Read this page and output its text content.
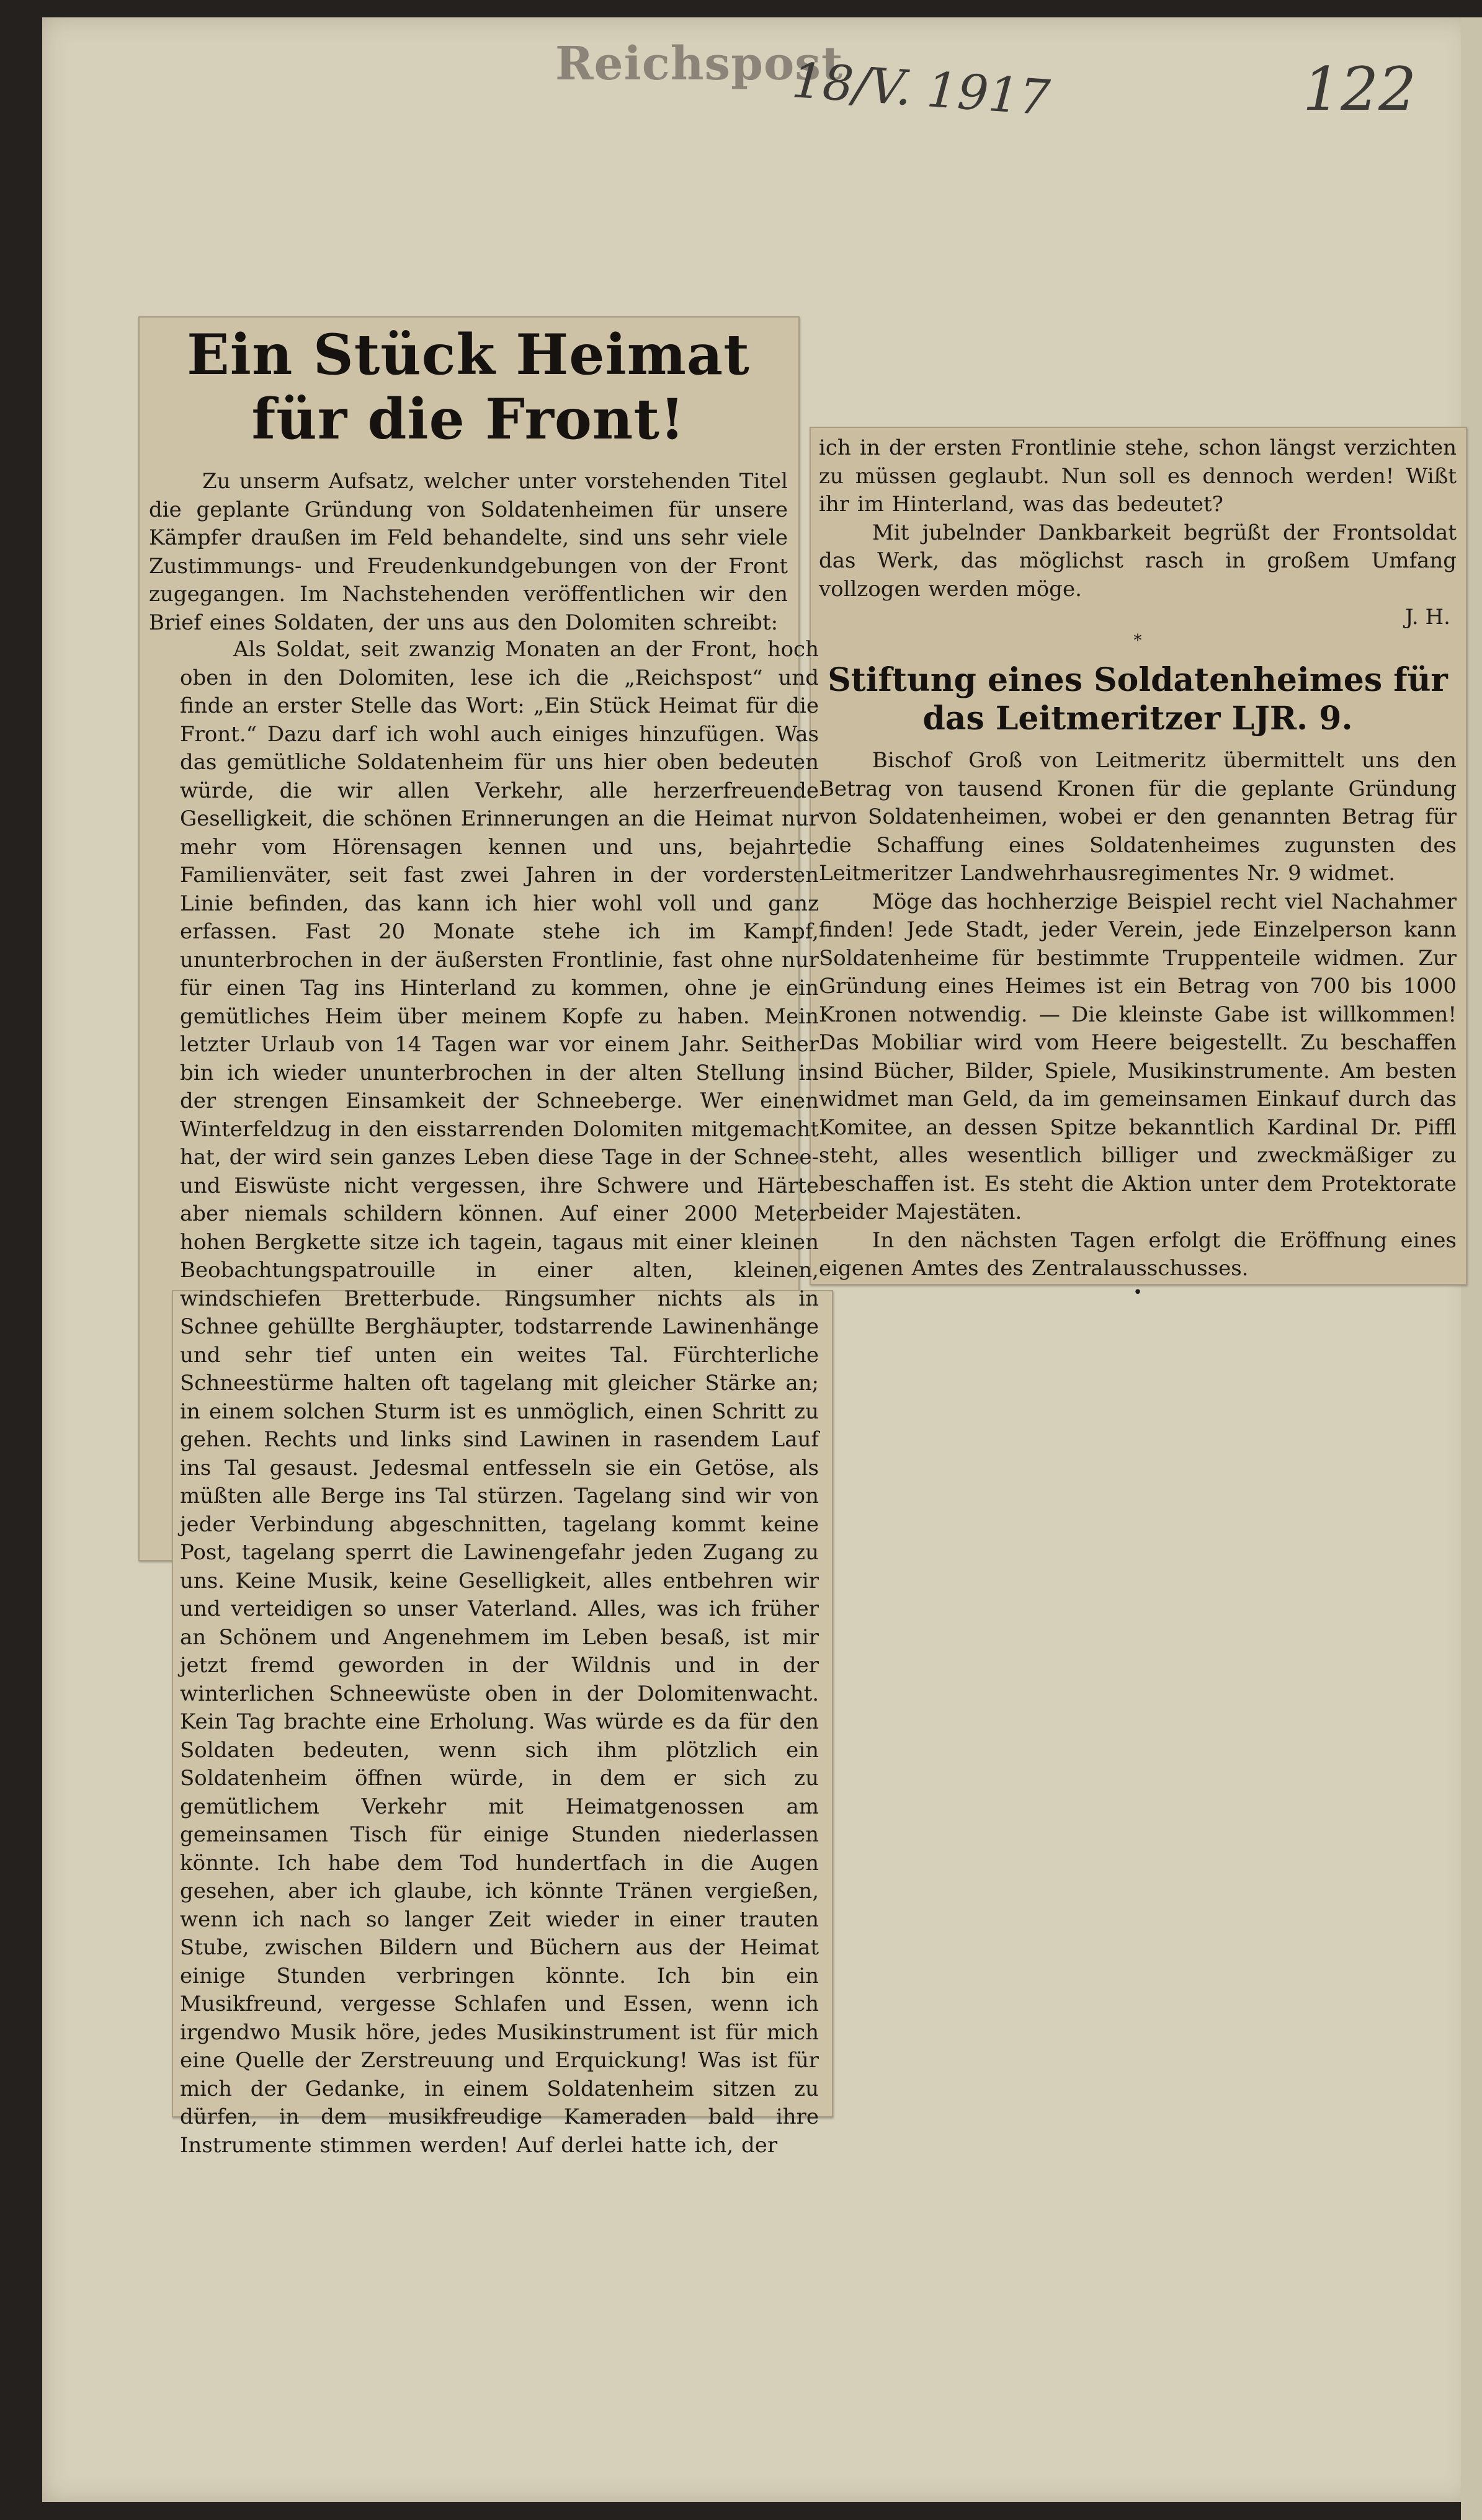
Reichspost
18/V. 1917	122
Ein Stück Heimat für die Front!

Zu unserm Aufsatz, welcher unter vorstehenden Titel die geplante Gründung von Soldatenheimen für unsere Kämpfer draußen im Feld behandelte, sind uns sehr viele Zustimmungs- und Freudenkundgebungen von der Front zugegangen. Im Nachstehenden veröffentlichen wir den Brief eines Soldaten, der uns aus den Dolomiten schreibt:

Als Soldat, seit zwanzig Monaten an der Front, hoch oben in den Dolomiten, lese ich die „Reichspost“ und finde an erster Stelle das Wort: „Ein Stück Heimat für die Front.“ Dazu darf ich wohl auch einiges hinzufügen. Was das gemütliche Soldatenheim für uns hier oben bedeuten würde, die wir allen Verkehr, alle herzerfreuende Geselligkeit, die schönen Erinnerungen an die Heimat nur mehr vom Hörensagen kennen und uns, bejahrte Familienväter, seit fast zwei Jahren in der vordersten Linie befinden, das kann ich hier wohl voll und ganz erfassen. Fast 20 Monate stehe ich im Kampf, ununterbrochen in der äußersten Frontlinie, fast ohne nur für einen Tag ins Hinterland zu kommen, ohne je ein gemütliches Heim über meinem Kopfe zu haben. Mein letzter Urlaub von 14 Tagen war vor einem Jahr. Seither bin ich wieder ununterbrochen in der alten Stellung in der strengen Einsamkeit der Schneeberge. Wer einen Winterfeldzug in den eisstarrenden Dolomiten mitgemacht hat, der wird sein ganzes Leben diese Tage in der Schnee- und Eiswüste nicht vergessen, ihre Schwere und Härte aber niemals schildern können. Auf einer 2000 Meter hohen Bergkette sitze ich tagein, tagaus mit einer kleinen Beobachtungspatrouille in einer alten, kleinen, windschiefen Bretterbude. Ringsumher nichts als in Schnee gehüllte Berghäupter, todstarrende Lawinenhänge und sehr tief unten ein weites Tal. Fürchterliche Schneestürme halten oft tagelang mit gleicher Stärke an; in einem solchen Sturm ist es unmöglich, einen Schritt zu gehen. Rechts und links sind Lawinen in rasendem Lauf ins Tal gesaust. Jedesmal entfesseln sie ein Getöse, als müßten alle Berge ins Tal stürzen. Tagelang sind wir von jeder Verbindung abgeschnitten, tagelang kommt keine Post, tagelang sperrt die Lawinengefahr jeden Zugang zu uns. Keine Musik, keine Geselligkeit, alles entbehren wir und verteidigen so unser Vaterland. Alles, was ich früher an Schönem und Angenehmem im Leben besaß, ist mir jetzt fremd geworden in der Wildnis und in der winterlichen Schneewüste oben in der Dolomitenwacht. Kein Tag brachte eine Erholung. Was würde es da für den Soldaten bedeuten, wenn sich ihm plötzlich ein Soldatenheim öffnen würde, in dem er sich zu gemütlichem Verkehr mit Heimatgenossen am gemeinsamen Tisch für einige Stunden niederlassen könnte. Ich habe dem Tod hundertfach in die Augen gesehen, aber ich glaube, ich könnte Tränen vergießen, wenn ich nach so langer Zeit wieder in einer trauten Stube, zwischen Bildern und Büchern aus der Heimat einige Stunden verbringen könnte. Ich bin ein Musikfreund, vergesse Schlafen und Essen, wenn ich irgendwo Musik höre, jedes Musikinstrument ist für mich eine Quelle der Zerstreuung und Erquickung! Was ist für mich der Gedanke, in einem Soldatenheim sitzen zu dürfen, in dem musikfreudige Kameraden bald ihre Instrumente stimmen werden! Auf derlei hatte ich, der

ich in der ersten Frontlinie stehe, schon längst verzichten zu müssen geglaubt. Nun soll es dennoch werden! Wißt ihr im Hinterland, was das bedeutet?

Mit jubelnder Dankbarkeit begrüßt der Frontsoldat das Werk, das möglichst rasch in großem Umfang vollzogen werden möge.

J. H.

*

Stiftung eines Soldatenheimes für das Leitmeritzer LJR. 9.

Bischof Groß von Leitmeritz übermittelt uns den Betrag von tausend Kronen für die geplante Gründung von Soldatenheimen, wobei er den genannten Betrag für die Schaffung eines Soldatenheimes zugunsten des Leitmeritzer Landwehrhausregimentes Nr. 9 widmet.

Möge das hochherzige Beispiel recht viel Nachahmer finden! Jede Stadt, jeder Verein, jede Einzelperson kann Soldatenheime für bestimmte Truppenteile widmen. Zur Gründung eines Heimes ist ein Betrag von 700 bis 1000 Kronen notwendig. — Die kleinste Gabe ist willkommen! Das Mobiliar wird vom Heere beigestellt. Zu beschaffen sind Bücher, Bilder, Spiele, Musikinstrumente. Am besten widmet man Geld, da im gemeinsamen Einkauf durch das Komitee, an dessen Spitze bekanntlich Kardinal Dr. Piffl steht, alles wesentlich billiger und zweckmäßiger zu beschaffen ist. Es steht die Aktion unter dem Protektorate beider Majestäten.

In den nächsten Tagen erfolgt die Eröffnung eines eigenen Amtes des Zentralausschusses.

•
